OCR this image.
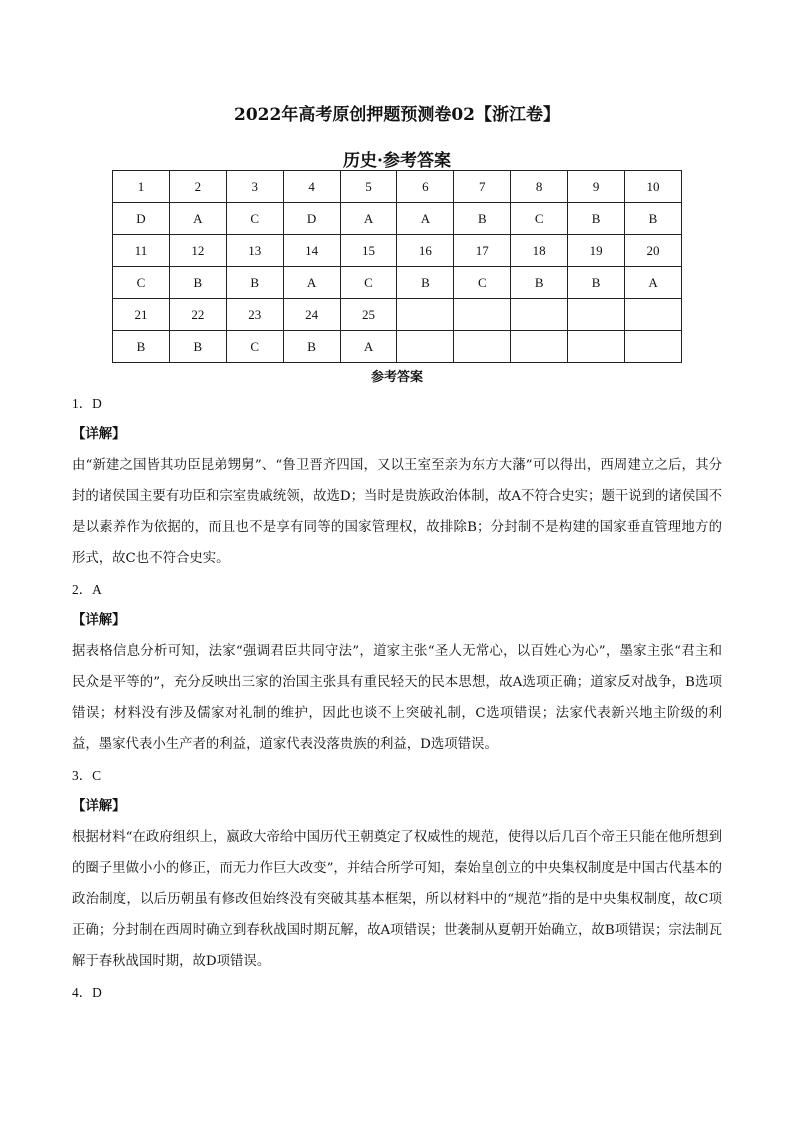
2022年高考原创押题预测卷02【浙江卷】
历史·参考答案
1	2	3	4	5	6	7	8	9	10
D	A	C	D	A	A	B	C	B	B
11	12	13	14	15	16	17	18	19	20
C	B	B	A	C	B	C	B	B	A
21	22	23	24	25					
B	B	C	B	A					
参考答案
1．D
【详解】
由“新建之国皆其功臣昆弟甥舅”、“鲁卫晋齐四国，又以王室至亲为东方大藩”可以得出，西周建立之后，其分封的诸侯国主要有功臣和宗室贵戚统领，故选D；当时是贵族政治体制，故A不符合史实；题干说到的诸侯国不是以素养作为依据的，而且也不是享有同等的国家管理权，故排除B；分封制不是构建的国家垂直管理地方的形式，故C也不符合史实。
2．A
【详解】
据表格信息分析可知，法家“强调君臣共同守法”，道家主张“圣人无常心，以百姓心为心”，墨家主张“君主和民众是平等的”，充分反映出三家的治国主张具有重民轻天的民本思想，故A选项正确；道家反对战争，B选项错误；材料没有涉及儒家对礼制的维护，因此也谈不上突破礼制，C选项错误；法家代表新兴地主阶级的利益，墨家代表小生产者的利益，道家代表没落贵族的利益，D选项错误。
3．C
【详解】
根据材料“在政府组织上，嬴政大帝给中国历代王朝奠定了权威性的规范，使得以后几百个帝王只能在他所想到的圈子里做小小的修正，而无力作巨大改变”，并结合所学可知，秦始皇创立的中央集权制度是中国古代基本的政治制度，以后历朝虽有修改但始终没有突破其基本框架，所以材料中的“规范”指的是中央集权制度，故C项正确；分封制在西周时确立到春秋战国时期瓦解，故A项错误；世袭制从夏朝开始确立，故B项错误；宗法制瓦解于春秋战国时期，故D项错误。
4．D
